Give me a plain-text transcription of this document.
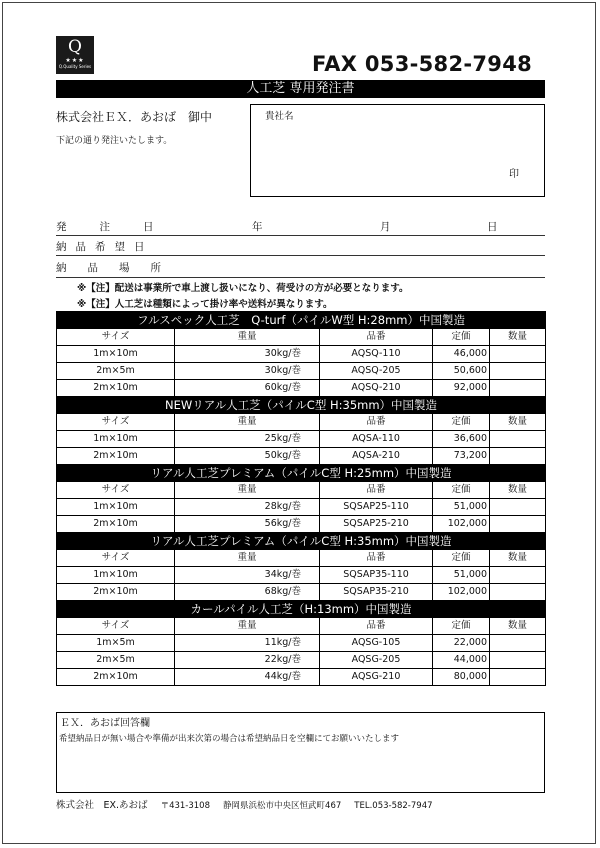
Q
★★★
Q.Quality Series	FAX 053-582-7948
人工芝 専用発注書
株式会社ＥＸ．あおば　御中
下記の通り発注いたします。
貴社名
印
発　　注　　日	年	月	日
納品希望日
納品場所
※【注】配送は事業所で車上渡し扱いになり、荷受けの方が必要となります。
※【注】人工芝は種類によって掛け率や送料が異なります。
フルスペック人工芝　Q-turf（パイルW型 H:28mm）中国製造				
サイズ	重量	品番	定価	数量
1m×10m	30kg/巻	AQSQ-110	46,000	
2m×5m	30kg/巻	AQSQ-205	50,600	
2m×10m	60kg/巻	AQSQ-210	92,000	
NEWリアル人工芝（パイルC型 H:35mm）中国製造				
サイズ	重量	品番	定価	数量
1m×10m	25kg/巻	AQSA-110	36,600	
2m×10m	50kg/巻	AQSA-210	73,200	
リアル人工芝プレミアム（パイルC型 H:25mm）中国製造				
サイズ	重量	品番	定価	数量
1m×10m	28kg/巻	SQSAP25-110	51,000	
2m×10m	56kg/巻	SQSAP25-210	102,000	
リアル人工芝プレミアム（パイルC型 H:35mm）中国製造				
サイズ	重量	品番	定価	数量
1m×10m	34kg/巻	SQSAP35-110	51,000	
2m×10m	68kg/巻	SQSAP35-210	102,000	
カールパイル人工芝（H:13mm）中国製造				
サイズ	重量	品番	定価	数量
1m×5m	11kg/巻	AQSG-105	22,000	
2m×5m	22kg/巻	AQSG-205	44,000	
2m×10m	44kg/巻	AQSG-210	80,000	
ＥＸ．あおば回答欄
希望納品日が無い場合や準備が出来次第の場合は希望納品日を空欄にてお願いいたします
株式会社　EX.あおば 〒431-3108 静岡県浜松市中央区恒武町467 TEL.053-582-7947
